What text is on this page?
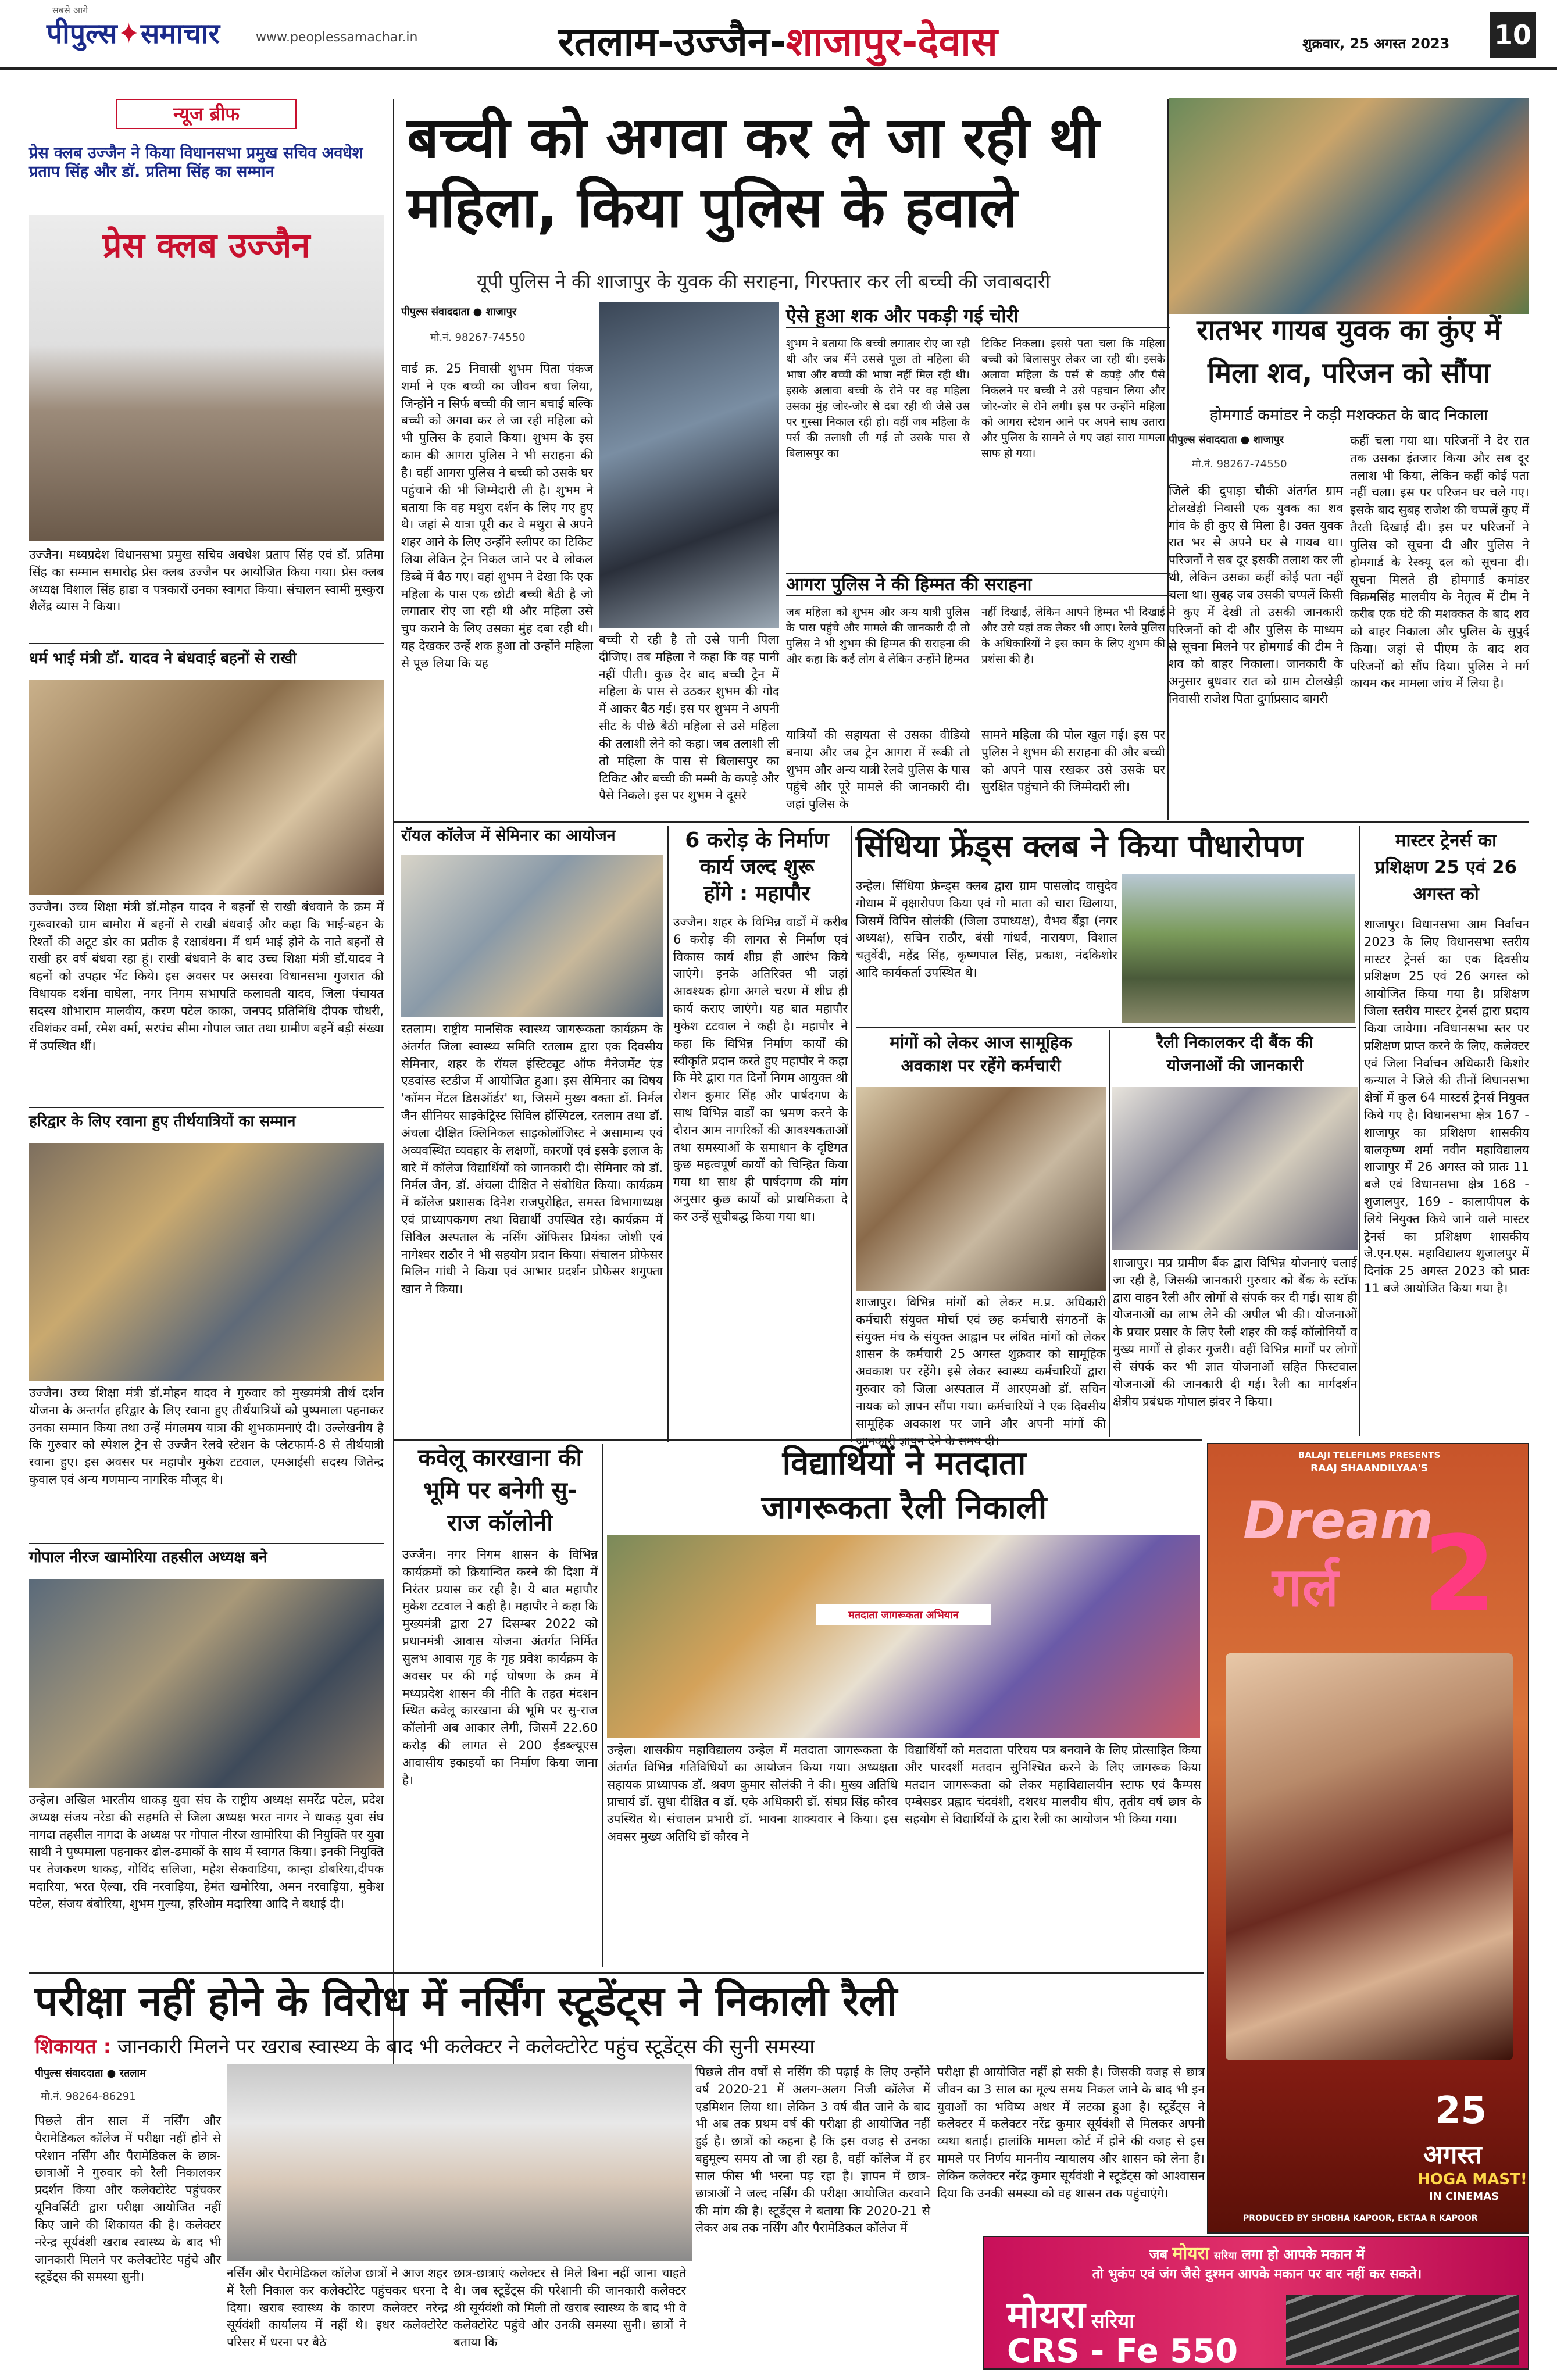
सबसे आगे
पीपुल्स✦समाचार	www.peoplessamachar.in	रतलाम-उज्जैन-शाजापुर-देवास	शुक्रवार, 25 अगस्त 2023 10
न्यूज ब्रीफ
प्रेस क्लब उज्जैन ने किया विधानसभा प्रमुख सचिव अवधेश प्रताप सिंह और डॉ. प्रतिमा सिंह का सम्मान
प्रेस क्लब उज्जैन
उज्जैन। मध्यप्रदेश विधानसभा प्रमुख सचिव अवधेश प्रताप सिंह एवं डॉ. प्रतिमा सिंह का सम्मान समारोह प्रेस क्लब उज्जैन पर आयोजित किया गया। प्रेस क्लब अध्यक्ष विशाल सिंह हाडा व पत्रकारों उनका स्वागत किया। संचालन स्वामी मुस्कुरा शैलेंद्र व्यास ने किया।
धर्म भाई मंत्री डॉ. यादव ने बंधवाई बहनों से राखी
उज्जैन। उच्च शिक्षा मंत्री डॉ.मोहन यादव ने बहनों से राखी बंधवाने के क्रम में गुरूवारको ग्राम बामोरा में बहनों से राखी बंधवाई और कहा कि भाई-बहन के रिश्तों की अटूट डोर का प्रतीक है रक्षाबंधन। मैं धर्म भाई होने के नाते बहनों से राखी हर वर्ष बंधवा रहा हूं। राखी बंधवाने के बाद उच्च शिक्षा मंत्री डॉ.यादव ने बहनों को उपहार भेंट किये। इस अवसर पर असरवा विधानसभा गुजरात की विधायक दर्शना वाघेला, नगर निगम सभापति कलावती यादव, जिला पंचायत सदस्य शोभाराम मालवीय, करण पटेल काका, जनपद प्रतिनिधि दीपक चौधरी, रविशंकर वर्मा, रमेश वर्मा, सरपंच सीमा गोपाल जात तथा ग्रामीण बहनें बड़ी संख्या में उपस्थित थीं।
हरिद्वार के लिए रवाना हुए तीर्थयात्रियों का सम्मान
उज्जैन। उच्च शिक्षा मंत्री डॉ.मोहन यादव ने गुरुवार को मुख्यमंत्री तीर्थ दर्शन योजना के अन्तर्गत हरिद्वार के लिए रवाना हुए तीर्थयात्रियों को पुष्पमाला पहनाकर उनका सम्मान किया तथा उन्हें मंगलमय यात्रा की शुभकामनाएं दी। उल्लेखनीय है कि गुरुवार को स्पेशल ट्रेन से उज्जैन रेलवे स्टेशन के प्लेटफार्म-8 से तीर्थयात्री रवाना हुए। इस अवसर पर महापौर मुकेश टटवाल, एमआईसी सदस्य जितेन्द्र कुवाल एवं अन्य गणमान्य नागरिक मौजूद थे।
गोपाल नीरज खामोरिया तहसील अध्यक्ष बने
उन्हेल। अखिल भारतीय धाकड़ युवा संघ के राष्ट्रीय अध्यक्ष समरेंद्र पटेल, प्रदेश अध्यक्ष संजय नरेडा की सहमति से जिला अध्यक्ष भरत नागर ने धाकड़ युवा संघ नागदा तहसील नागदा के अध्यक्ष पर गोपाल नीरज खामोरिया की नियुक्ति पर युवा साथी ने पुष्पमाला पहनाकर ढोल-ढमाकों के साथ में स्वागत किया। इनकी नियुक्ति पर तेजकरण धाकड़, गोविंद सलिजा, महेश सेकवाडिया, कान्हा डोबरिया,दीपक मदारिया, भरत ऐल्या, रवि नरवाड़िया, हेमंत खमोरिया, अमन नरवाड़िया, मुकेश पटेल, संजय बंबोरिया, शुभम गुल्या, हरिओम मदारिया आदि ने बधाई दी।
बच्ची को अगवा कर ले जा रही थी
महिला, किया पुलिस के हवाले
यूपी पुलिस ने की शाजापुर के युवक की सराहना, गिरफ्तार कर ली बच्ची की जवाबदारी
पीपुल्स संवाददाता ● शाजापुर
मो.नं. 98267-74550
वार्ड क्र. 25 निवासी शुभम पिता पंकज शर्मा ने एक बच्ची का जीवन बचा लिया, जिन्होंने न सिर्फ बच्ची की जान बचाई बल्कि बच्ची को अगवा कर ले जा रही महिला को भी पुलिस के हवाले किया। शुभम के इस काम की आगरा पुलिस ने भी सराहना की है। वहीं आगरा पुलिस ने बच्ची को उसके घर पहुंचाने की भी जिम्मेदारी ली है। शुभम ने बताया कि वह मथुरा दर्शन के लिए गए हुए थे। जहां से यात्रा पूरी कर वे मथुरा से अपने शहर आने के लिए उन्होंने स्लीपर का टिकिट लिया लेकिन ट्रेन निकल जाने पर वे लोकल डिब्बे में बैठ गए। वहां शुभम ने देखा कि एक महिला के पास एक छोटी बच्ची बैठी है जो लगातार रोए जा रही थी और महिला उसे चुप कराने के लिए उसका मुंह दबा रही थी। यह देखकर उन्हें शक हुआ तो उन्होंने महिला से पूछ लिया कि यह
बच्ची रो रही है तो उसे पानी पिला दीजिए। तब महिला ने कहा कि वह पानी नहीं पीती। कुछ देर बाद बच्ची ट्रेन में महिला के पास से उठकर शुभम की गोद में आकर बैठ गई। इस पर शुभम ने अपनी सीट के पीछे बैठी महिला से उसे महिला की तलाशी लेने को कहा। जब तलाशी ली तो महिला के पास से बिलासपुर का टिकिट और बच्ची की मम्मी के कपड़े और पैसे निकले। इस पर शुभम ने दूसरे
ऐसे हुआ शक और पकड़ी गई चोरी
शुभम ने बताया कि बच्ची लगातार रोए जा रही थी और जब मैंने उससे पूछा तो महिला की भाषा और बच्ची की भाषा नहीं मिल रही थी। इसके अलावा बच्ची के रोने पर वह महिला उसका मुंह जोर-जोर से दबा रही थी जैसे उस पर गुस्सा निकाल रही हो। वहीं जब महिला के पर्स की तलाशी ली गई तो उसके पास से बिलासपुर का
टिकिट निकला। इससे पता चला कि महिला बच्ची को बिलासपुर लेकर जा रही थी। इसके अलावा महिला के पर्स से कपड़े और पैसे निकलने पर बच्ची ने उसे पहचान लिया और जोर-जोर से रोने लगी। इस पर उन्होंने महिला को आगरा स्टेशन आने पर अपने साथ उतारा और पुलिस के सामने ले गए जहां सारा मामला साफ हो गया।
आगरा पुलिस ने की हिम्मत की सराहना
जब महिला को शुभम और अन्य यात्री पुलिस के पास पहुंचे और मामले की जानकारी दी तो पुलिस ने भी शुभम की हिम्मत की सराहना की और कहा कि कई लोग वे लेकिन उन्होंने हिम्मत
नहीं दिखाई, लेकिन आपने हिम्मत भी दिखाई और उसे यहां तक लेकर भी आए। रेलवे पुलिस के अधिकारियों ने इस काम के लिए शुभम की प्रशंसा की है।
यात्रियों की सहायता से उसका वीडियो बनाया और जब ट्रेन आगरा में रूकी तो शुभम और अन्य यात्री रेलवे पुलिस के पास पहुंचे और पूरे मामले की जानकारी दी। जहां पुलिस के
सामने महिला की पोल खुल गई। इस पर पुलिस ने शुभम की सराहना की और बच्ची को अपने पास रखकर उसे उसके घर सुरक्षित पहुंचाने की जिम्मेदारी ली।
रातभर गायब युवक का कुंए में
मिला शव, परिजन को सौंपा
होमगार्ड कमांडर ने कड़ी मशक्कत के बाद निकाला
पीपुल्स संवाददाता ● शाजापुर
मो.नं. 98267-74550
जिले की दुपाड़ा चौकी अंतर्गत ग्राम टोलखेड़ी निवासी एक युवक का शव गांव के ही कुए से मिला है। उक्त युवक रात भर से अपने घर से गायब था। परिजनों ने सब दूर इसकी तलाश कर ली थी, लेकिन उसका कहीं कोई पता नहीं चला था। सुबह जब उसकी चप्पलें किसी ने कुए में देखी तो उसकी जानकारी परिजनों को दी और पुलिस के माध्यम से सूचना मिलने पर होमगार्ड की टीम ने शव को बाहर निकाला। जानकारी के अनुसार बुधवार रात को ग्राम टोलखेड़ी निवासी राजेश पिता दुर्गाप्रसाद बागरी
कहीं चला गया था। परिजनों ने देर रात तक उसका इंतजार किया और सब दूर तलाश भी किया, लेकिन कहीं कोई पता नहीं चला। इस पर परिजन घर चले गए। इसके बाद सुबह राजेश की चप्पलें कुए में तैरती दिखाई दी। इस पर परिजनों ने पुलिस को सूचना दी और पुलिस ने होमगार्ड के रेस्क्यू दल को सूचना दी। सूचना मिलते ही होमगार्ड कमांडर विक्रमसिंह मालवीय के नेतृत्व में टीम ने करीब एक घंटे की मशक्कत के बाद शव को बाहर निकाला और पुलिस के सुपुर्द किया। जहां से पीएम के बाद शव परिजनों को सौंप दिया। पुलिस ने मर्ग कायम कर मामला जांच में लिया है।
रॉयल कॉलेज में सेमिनार का आयोजन
रतलाम। राष्ट्रीय मानसिक स्वास्थ्य जागरूकता कार्यक्रम के अंतर्गत जिला स्वास्थ्य समिति रतलाम द्वारा एक दिवसीय सेमिनार, शहर के रॉयल इंस्टिट्यूट ऑफ मैनेजमेंट एंड एडवांस्ड स्टडीज में आयोजित हुआ। इस सेमिनार का विषय 'कॉमन मेंटल डिसऑर्डर' था, जिसमें मुख्य वक्ता डॉ. निर्मल जैन सीनियर साइकेट्रिस्ट सिविल हॉस्पिटल, रतलाम तथा डॉ. अंचला दीक्षित क्लिनिकल साइकोलॉजिस्ट ने असामान्य एवं अव्यवस्थित व्यवहार के लक्षणों, कारणों एवं इसके इलाज के बारे में कॉलेज विद्यार्थियों को जानकारी दी। सेमिनार को डॉ. निर्मल जैन, डॉ. अंचला दीक्षित ने संबोधित किया। कार्यक्रम में कॉलेज प्रशासक दिनेश राजपुरोहित, समस्त विभागाध्यक्ष एवं प्राध्यापकगण तथा विद्यार्थी उपस्थित रहे। कार्यक्रम में सिविल अस्पताल के नर्सिंग ऑफिसर प्रियंका जोशी एवं नागेश्वर राठौर ने भी सहयोग प्रदान किया। संचालन प्रोफेसर मिलिन गांधी ने किया एवं आभार प्रदर्शन प्रोफेसर शगुफ्ता खान ने किया।
6 करोड़ के निर्माण
कार्य जल्द शुरू
होंगे : महापौर
उज्जैन। शहर के विभिन्न वार्डों में करीब 6 करोड़ की लागत से निर्माण एवं विकास कार्य शीघ्र ही आरंभ किये जाएंगे। इनके अतिरिक्त भी जहां आवश्यक होगा अगले चरण में शीघ्र ही कार्य कराए जाएंगे। यह बात महापौर मुकेश टटवाल ने कही है। महापौर ने कहा कि विभिन्न निर्माण कार्यों की स्वीकृति प्रदान करते हुए महापौर ने कहा कि मेरे द्वारा गत दिनों निगम आयुक्त श्री रोशन कुमार सिंह और पार्षदगण के साथ विभिन्न वार्डों का भ्रमण करने के दौरान आम नागरिकों की आवश्यकताओं तथा समस्याओं के समाधान के दृष्टिगत कुछ महत्वपूर्ण कार्यों को चिन्हित किया गया था साथ ही पार्षदगण की मांग अनुसार कुछ कार्यों को प्राथमिकता दे कर उन्हें सूचीबद्ध किया गया था।
सिंधिया फ्रेंड्स क्लब ने किया पौधारोपण
उन्हेल। सिंधिया फ्रेन्ड्स क्लब द्वारा ग्राम पासलोद वासुदेव गोधाम में वृक्षारोपण किया एवं गो माता को चारा खिलाया, जिसमें विपिन सोलंकी (जिला उपाध्यक्ष), वैभव बैंड्रा (नगर अध्यक्ष), सचिन राठौर, बंसी गांधर्व, नारायण, विशाल चतुर्वेदी, महेंद्र सिंह, कृष्णपाल सिंह, प्रकाश, नंदकिशोर आदि कार्यकर्ता उपस्थित थे।
मास्टर ट्रेनर्स का
प्रशिक्षण 25 एवं 26
अगस्त को
शाजापुर। विधानसभा आम निर्वाचन 2023 के लिए विधानसभा स्तरीय मास्टर ट्रेनर्स का एक दिवसीय प्रशिक्षण 25 एवं 26 अगस्त को आयोजित किया गया है। प्रशिक्षण जिला स्तरीय मास्टर ट्रेनर्स द्वारा प्रदाय किया जायेगा। नविधानसभा स्तर पर प्रशिक्षण प्राप्त करने के लिए, कलेक्टर एवं जिला निर्वाचन अधिकारी किशोर कन्याल ने जिले की तीनों विधानसभा क्षेत्रों में कुल 64 मास्टर्स ट्रेनर्स नियुक्त किये गए है। विधानसभा क्षेत्र 167 - शाजापुर का प्रशिक्षण शासकीय बालकृष्ण शर्मा नवीन महाविद्यालय शाजापुर में 26 अगस्त को प्रातः 11 बजे एवं विधानसभा क्षेत्र 168 - शुजालपुर, 169 - कालापीपल के लिये नियुक्त किये जाने वाले मास्टर ट्रेनर्स का प्रशिक्षण शासकीय जे.एन.एस. महाविद्यालय शुजालपुर में दिनांक 25 अगस्त 2023 को प्रातः 11 बजे आयोजित किया गया है।
मांगों को लेकर आज सामूहिक
अवकाश पर रहेंगे कर्मचारी
शाजापुर। विभिन्न मांगों को लेकर म.प्र. अधिकारी कर्मचारी संयुक्त मोर्चा एवं छह कर्मचारी संगठनों के संयुक्त मंच के संयुक्त आह्वान पर लंबित मांगों को लेकर शासन के कर्मचारी 25 अगस्त शुक्रवार को सामूहिक अवकाश पर रहेंगे। इसे लेकर स्वास्थ्य कर्मचारियों द्वारा गुरुवार को जिला अस्पताल में आरएमओ डॉ. सचिन नायक को ज्ञापन सौंपा गया। कर्मचारियों ने एक दिवसीय सामूहिक अवकाश पर जाने और अपनी मांगों की
रैली निकालकर दी बैंक की
योजनाओं की जानकारी
शाजापुर। मप्र ग्रामीण बैंक द्वारा विभिन्न योजनाएं चलाई जा रही है, जिसकी जानकारी गुरुवार को बैंक के स्टॉफ द्वारा वाहन रैली और लोगों से संपर्क कर दी गई। साथ ही योजनाओं का लाभ लेने की अपील भी की। योजनाओं के प्रचार प्रसार के लिए रैली शहर की कई कॉलोनियों व मुख्य मार्गों से होकर गुजरी। वहीं विभिन्न मार्गों पर लोगों से संपर्क कर भी ज्ञात योजनाओं सहित फिस्टवाल योजनाओं की जानकारी दी गई। रैली का मार्गदर्शन क्षेत्रीय प्रबंधक गोपाल झंवर ने किया।
कवेलू कारखाना की
भूमि पर बनेगी सु-
राज कॉलोनी
उज्जैन। नगर निगम शासन के विभिन्न कार्यक्रमों को क्रियान्वित करने की दिशा में निरंतर प्रयास कर रही है। ये बात महापौर मुकेश टटवाल ने कही है। महापौर ने कहा कि मुख्यमंत्री द्वारा 27 दिसम्बर 2022 को प्रधानमंत्री आवास योजना अंतर्गत निर्मित सुलभ आवास गृह के गृह प्रवेश कार्यक्रम के अवसर पर की गई घोषणा के क्रम में मध्यप्रदेश शासन की नीति के तहत मंदशन स्थित कवेलू कारखाना की भूमि पर सु-राज कॉलोनी अब आकार लेगी, जिसमें 22.60 करोड़ की लागत से 200 ईडब्ल्यूएस आवासीय इकाइयों का निर्माण किया जाना है।
विद्यार्थियों ने मतदाता
जागरूकता रैली निकाली
मतदाता जागरूकता अभियान
उन्हेल। शासकीय महाविद्यालय उन्हेल में मतदाता जागरूकता के अंतर्गत विभिन्न गतिविधियों का आयोजन किया गया। अध्यक्षता सहायक प्राध्यापक डॉ. श्रवण कुमार सोलंकी ने की। मुख्य अतिथि प्राचार्य डॉ. सुधा दीक्षित व डॉ. एके अधिकारी डॉ. संघप्र सिंह कौरव उपस्थित थे। संचालन प्रभारी डॉ. भावना शाक्यवार ने किया। इस अवसर मुख्य अतिथि डॉ कौरव ने
विद्यार्थियों को मतदाता परिचय पत्र बनवाने के लिए प्रोत्साहित किया और पारदर्शी मतदान सुनिश्चित करने के लिए जागरूक किया मतदान जागरूकता को लेकर महाविद्यालयीन स्टाफ एवं कैम्पस एम्बेसडर प्रह्लाद चंदवंशी, दशरथ मालवीय धीप, तृतीय वर्ष छात्र के सहयोग से विद्यार्थियों के द्वारा रैली का आयोजन भी किया गया।
BALAJI TELEFILMS PRESENTS
RAAJ SHAANDILYAA'S
Dream
गर्ल 2
25
अगस्त
HOGA MAST!
IN CINEMAS
PRODUCED BY SHOBHA KAPOOR, EKTAA R KAPOOR
जब मोयरा सरिया लगा हो आपके मकान में
तो भुकंप एवं जंग जैसे दुश्मन आपके मकान पर वार नहीं कर सकते।
मोयरा सरिया
CRS - Fe 550
परीक्षा नहीं होने के विरोध में नर्सिंग स्टूडेंट्स ने निकाली रैली
शिकायत : जानकारी मिलने पर खराब स्वास्थ्य के बाद भी कलेक्टर ने कलेक्टोरेट पहुंच स्टूडेंट्स की सुनी समस्या
पीपुल्स संवाददाता ● रतलाम
मो.नं. 98264-86291
पिछले तीन साल में नर्सिंग और पैरामेडिकल कॉलेज में परीक्षा नहीं होने से परेशान नर्सिंग और पैरामेडिकल के छात्र-छात्राओं ने गुरुवार को रैली निकालकर प्रदर्शन किया और कलेक्टोरेट पहुंचकर यूनिवर्सिटी द्वारा परीक्षा आयोजित नहीं किए जाने की शिकायत की है। कलेक्टर नरेन्द्र सूर्यवंशी खराब स्वास्थ्य के बाद भी जानकारी मिलने पर कलेक्टोरेट पहुंचे और स्टूडेंट्स की समस्या सुनी।	नर्सिंग और पैरामेडिकल कॉलेज छात्रों ने आज शहर में रैली निकाल कर कलेक्टोरेट पहुंचकर धरना दे दिया। खराब स्वास्थ्य के कारण कलेक्टर नरेन्द्र सूर्यवंशी कार्यालय में नहीं थे। इधर कलेक्टोरेट परिसर में धरना पर बैठे
छात्र-छात्राएं कलेक्टर से मिले बिना नहीं जाना चाहते थे। जब स्टूडेंट्स की परेशानी की जानकारी कलेक्टर श्री सूर्यवंशी को मिली तो खराब स्वास्थ्य के बाद भी वे कलेक्टोरेट पहुंचे और उनकी समस्या सुनी। छात्रों ने बताया कि
पिछले तीन वर्षों से नर्सिंग की पढ़ाई के लिए उन्होंने वर्ष 2020-21 में अलग-अलग निजी कॉलेज में एडमिशन लिया था। लेकिन 3 वर्ष बीत जाने के बाद भी अब तक प्रथम वर्ष की परीक्षा ही आयोजित नहीं हुई है। छात्रों को कहना है कि इस वजह से उनका बहुमूल्य समय तो जा ही रहा है, वहीं कॉलेज में हर साल फीस भी भरना पड़ रहा है। ज्ञापन में छात्र-छात्राओं ने जल्द नर्सिंग की परीक्षा आयोजित करवाने की मांग की है। स्टूडेंट्स ने बताया कि 2020-21 से लेकर अब तक नर्सिंग और पैरामेडिकल कॉलेज में
परीक्षा ही आयोजित नहीं हो सकी है। जिसकी वजह से छात्र जीवन का 3 साल का मूल्य समय निकल जाने के बाद भी इन युवाओं का भविष्य अधर में लटका हुआ है। स्टूडेंट्स ने कलेक्टर में कलेक्टर नरेंद्र कुमार सूर्यवंशी से मिलकर अपनी व्यथा बताई। हालांकि मामला कोर्ट में होने की वजह से इस मामले पर निर्णय माननीय न्यायालय और शासन को लेना है। लेकिन कलेक्टर नरेंद्र कुमार सूर्यवंशी ने स्टूडेंट्स को आश्वासन दिया कि उनकी समस्या को वह शासन तक पहुंचाएंगे।
